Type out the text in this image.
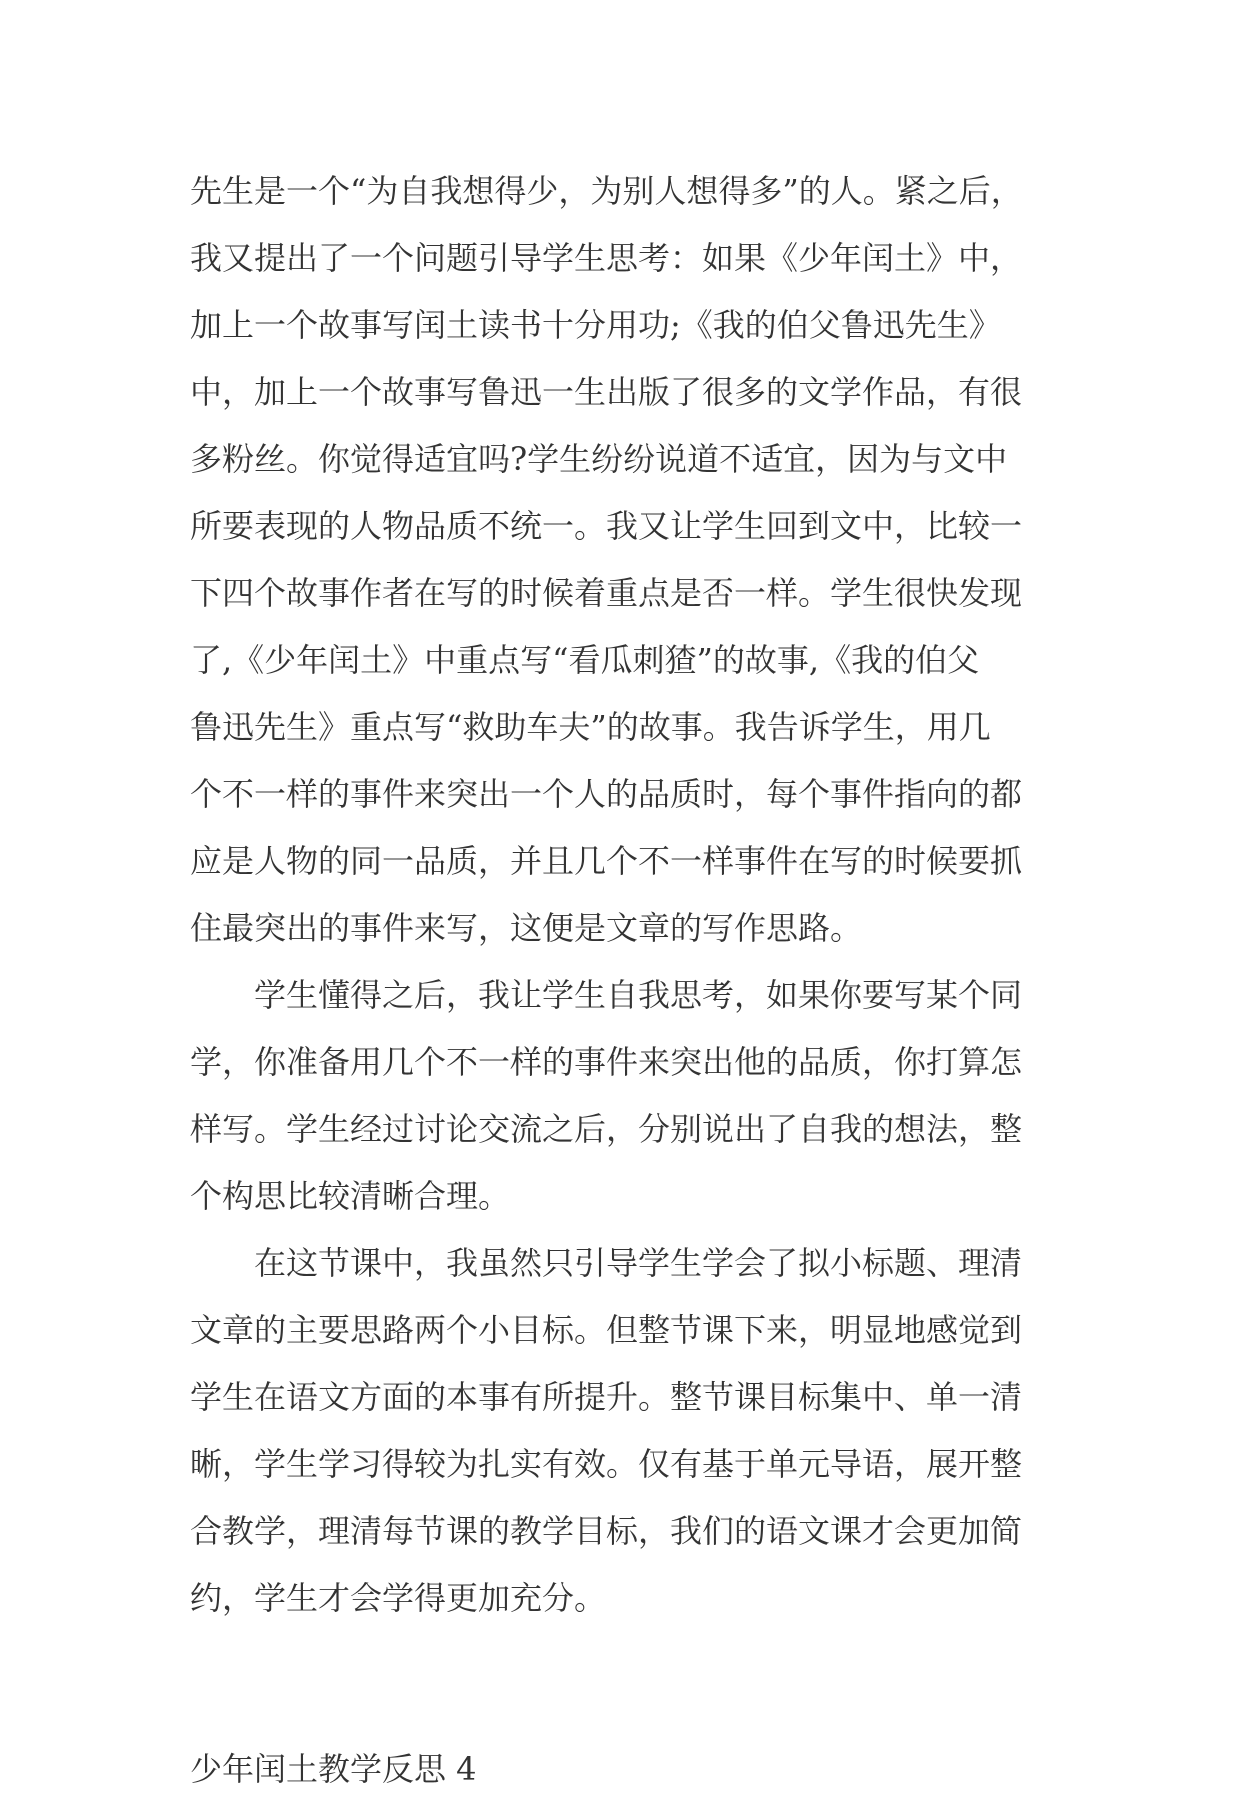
先生是一个“为自我想得少，为别人想得多”的人。紧之后，
我又提出了一个问题引导学生思考：如果《少年闰土》中，
加上一个故事写闰土读书十分用功;《我的伯父鲁迅先生》
中，加上一个故事写鲁迅一生出版了很多的文学作品，有很
多粉丝。你觉得适宜吗?学生纷纷说道不适宜，因为与文中
所要表现的人物品质不统一。我又让学生回到文中，比较一
下四个故事作者在写的时候着重点是否一样。学生很快发现
了,《少年闰土》中重点写“看瓜刺猹”的故事,《我的伯父
鲁迅先生》重点写“救助车夫”的故事。我告诉学生，用几
个不一样的事件来突出一个人的品质时，每个事件指向的都
应是人物的同一品质，并且几个不一样事件在写的时候要抓
住最突出的事件来写，这便是文章的写作思路。
学生懂得之后，我让学生自我思考，如果你要写某个同
学，你准备用几个不一样的事件来突出他的品质，你打算怎
样写。学生经过讨论交流之后，分别说出了自我的想法，整
个构思比较清晰合理。
在这节课中，我虽然只引导学生学会了拟小标题、理清
文章的主要思路两个小目标。但整节课下来，明显地感觉到
学生在语文方面的本事有所提升。整节课目标集中、单一清
晰，学生学习得较为扎实有效。仅有基于单元导语，展开整
合教学，理清每节课的教学目标，我们的语文课才会更加简
约，学生才会学得更加充分。
少年闰土教学反思 4
